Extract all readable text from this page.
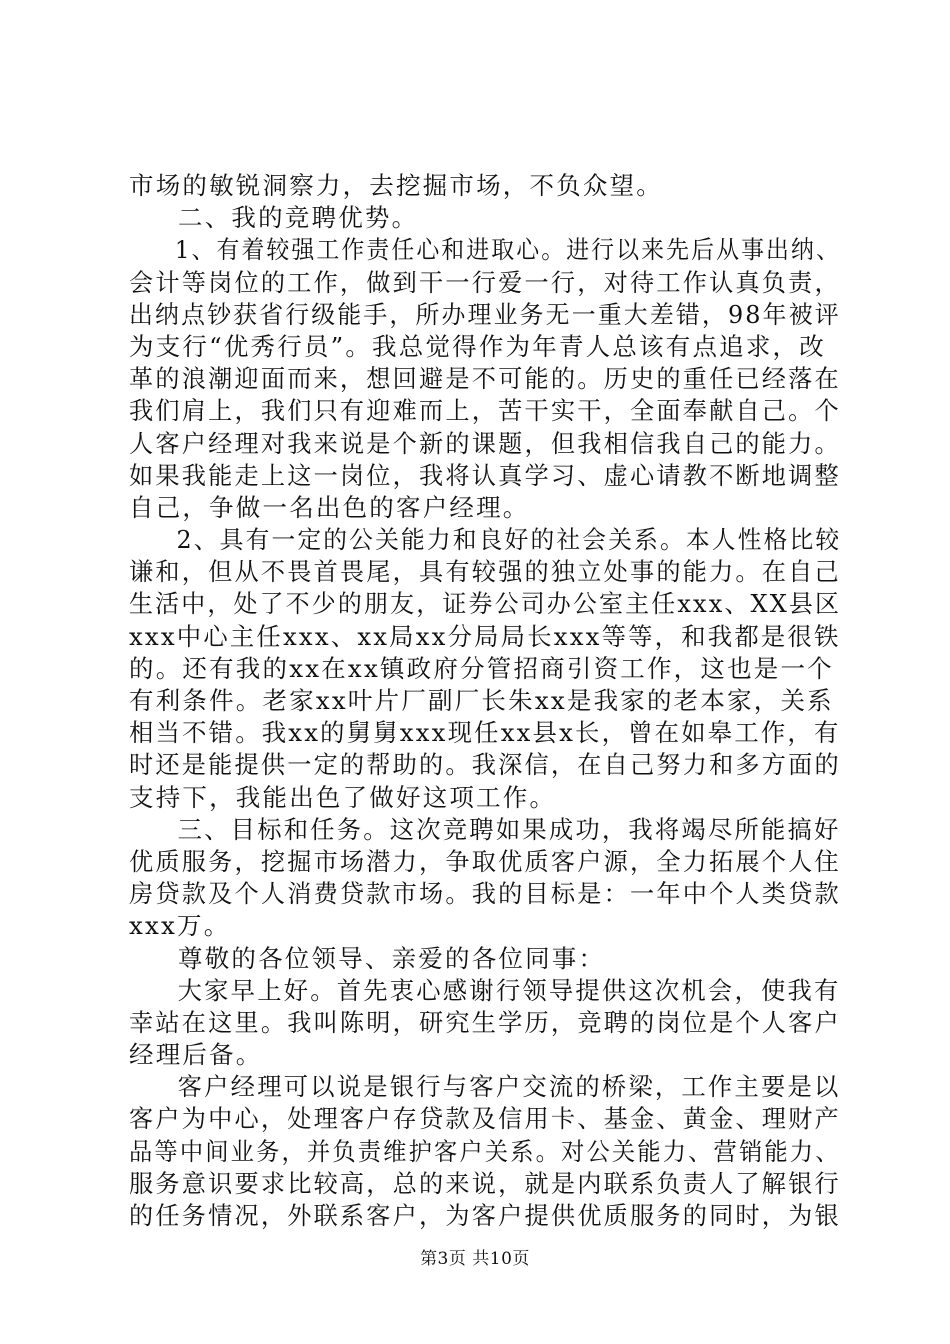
市场的敏锐洞察力，去挖掘市场，不负众望。
二、我的竞聘优势。
1、有着较强工作责任心和进取心。进行以来先后从事出纳、
会计等岗位的工作，做到干一行爱一行，对待工作认真负责，
出纳点钞获省行级能手，所办理业务无一重大差错，98年被评
为支行“优秀行员”。我总觉得作为年青人总该有点追求，改
革的浪潮迎面而来，想回避是不可能的。历史的重任已经落在
我们肩上，我们只有迎难而上，苦干实干，全面奉献自己。个
人客户经理对我来说是个新的课题，但我相信我自己的能力。
如果我能走上这一岗位，我将认真学习、虚心请教不断地调整
自己，争做一名出色的客户经理。
2、具有一定的公关能力和良好的社会关系。本人性格比较
谦和，但从不畏首畏尾，具有较强的独立处事的能力。在自己
生活中，处了不少的朋友，证券公司办公室主任xxx、XX县区
xxx中心主任xxx、xx局xx分局局长xxx等等，和我都是很铁
的。还有我的xx在xx镇政府分管招商引资工作，这也是一个
有利条件。老家xx叶片厂副厂长朱xx是我家的老本家，关系
相当不错。我xx的舅舅xxx现任xx县x长，曾在如皋工作，有
时还是能提供一定的帮助的。我深信，在自己努力和多方面的
支持下，我能出色了做好这项工作。
三、目标和任务。这次竞聘如果成功，我将竭尽所能搞好
优质服务，挖掘市场潜力，争取优质客户源，全力拓展个人住
房贷款及个人消费贷款市场。我的目标是：一年中个人类贷款
xxx万。
尊敬的各位领导、亲爱的各位同事：
大家早上好。首先衷心感谢行领导提供这次机会，使我有
幸站在这里。我叫陈明，研究生学历，竞聘的岗位是个人客户
经理后备。
客户经理可以说是银行与客户交流的桥梁，工作主要是以
客户为中心，处理客户存贷款及信用卡、基金、黄金、理财产
品等中间业务，并负责维护客户关系。对公关能力、营销能力、
服务意识要求比较高，总的来说，就是内联系负责人了解银行
的任务情况，外联系客户，为客户提供优质服务的同时，为银
第3页 共10页
